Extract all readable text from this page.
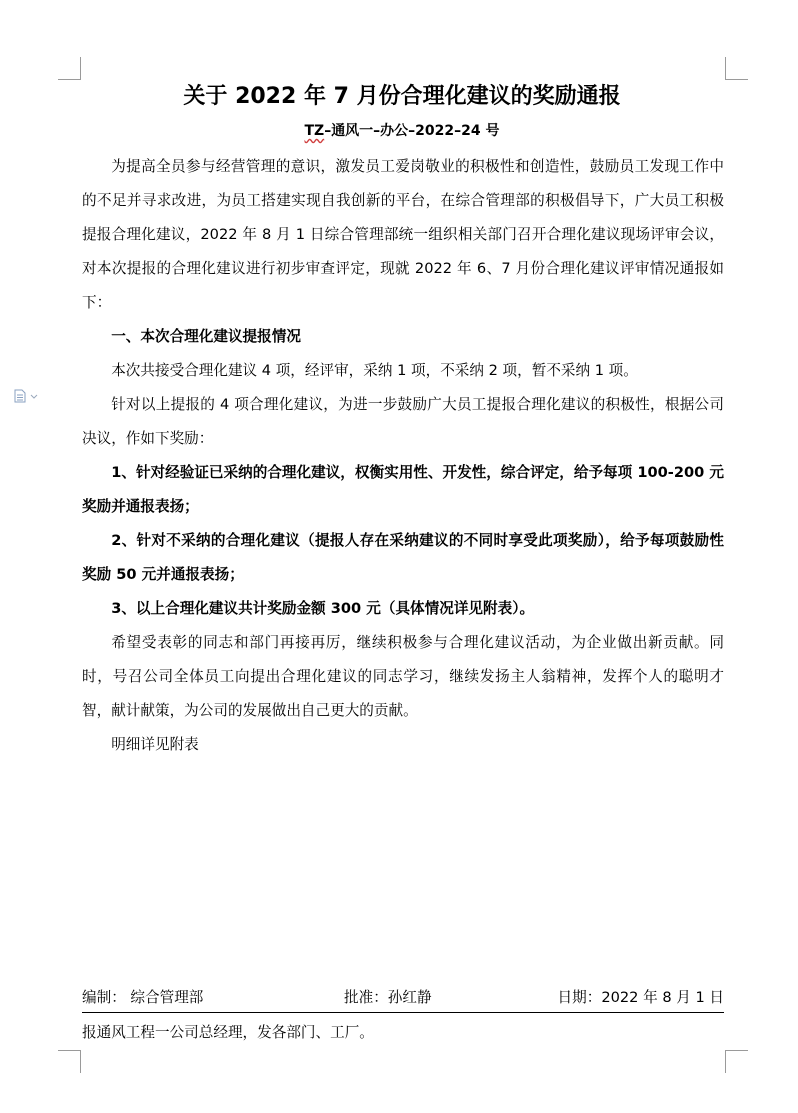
关于 2022 年 7 月份合理化建议的奖励通报
TZ–通风一–办公–2022–24 号

为提高全员参与经营管理的意识，激发员工爱岗敬业的积极性和创造性，鼓励员工发现工作中的不足并寻求改进，为员工搭建实现自我创新的平台，在综合管理部的积极倡导下，广大员工积极提报合理化建议，2022 年 8 月 1 日综合管理部统一组织相关部门召开合理化建议现场评审会议，对本次提报的合理化建议进行初步审查评定，现就 2022 年 6、7 月份合理化建议评审情况通报如下：

一、本次合理化建议提报情况

本次共接受合理化建议 4 项，经评审，采纳 1 项，不采纳 2 项，暂不采纳 1 项。

针对以上提报的 4 项合理化建议，为进一步鼓励广大员工提报合理化建议的积极性，根据公司决议，作如下奖励：

1、针对经验证已采纳的合理化建议，权衡实用性、开发性，综合评定，给予每项 100-200 元奖励并通报表扬；

2、针对不采纳的合理化建议（提报人存在采纳建议的不同时享受此项奖励），给予每项鼓励性奖励 50 元并通报表扬；

3、以上合理化建议共计奖励金额 300 元（具体情况详见附表）。

希望受表彰的同志和部门再接再厉，继续积极参与合理化建议活动，为企业做出新贡献。同时，号召公司全体员工向提出合理化建议的同志学习，继续发扬主人翁精神，发挥个人的聪明才智，献计献策，为公司的发展做出自己更大的贡献。

明细详见附表

编制： 综合管理部	批准：孙红静	日期：2022 年 8 月 1 日
报通风工程一公司总经理，发各部门、工厂。
